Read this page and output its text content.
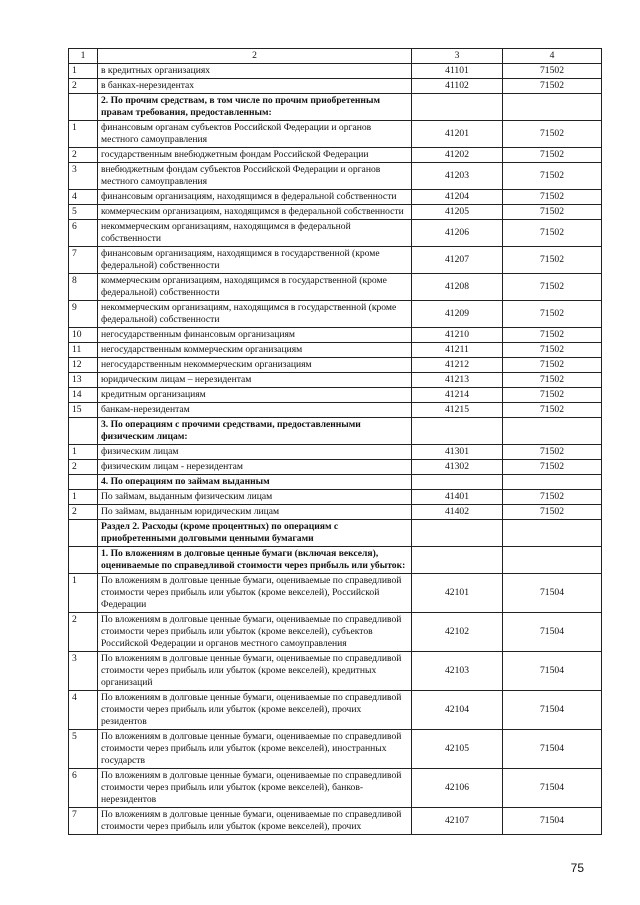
1	2	3	4
1	в кредитных организациях	41101	71502
2	в банках-нерезидентах	41102	71502
	2. По прочим средствам, в том числе по прочим приобретенным правам требования, предоставленным:		
1	финансовым органам субъектов Российской Федерации и органов местного самоуправления	41201	71502
2	государственным внебюджетным фондам Российской Федерации	41202	71502
3	внебюджетным фондам субъектов Российской Федерации и органов местного самоуправления	41203	71502
4	финансовым организациям, находящимся в федеральной собственности	41204	71502
5	коммерческим организациям, находящимся в федеральной собственности	41205	71502
6	некоммерческим организациям, находящимся в федеральной собственности	41206	71502
7	финансовым организациям, находящимся в государственной (кроме федеральной) собственности	41207	71502
8	коммерческим организациям, находящимся в государственной (кроме федеральной) собственности	41208	71502
9	некоммерческим организациям, находящимся в государственной (кроме федеральной) собственности	41209	71502
10	негосударственным финансовым организациям	41210	71502
11	негосударственным коммерческим организациям	41211	71502
12	негосударственным некоммерческим организациям	41212	71502
13	юридическим лицам – нерезидентам	41213	71502
14	кредитным организациям	41214	71502
15	банкам-нерезидентам	41215	71502
	3. По операциям с прочими средствами, предоставленными физическим лицам:		
1	физическим лицам	41301	71502
2	физическим лицам - нерезидентам	41302	71502
	4. По операциям по займам выданным		
1	По займам, выданным физическим лицам	41401	71502
2	По займам, выданным юридическим лицам	41402	71502
	Раздел 2. Расходы (кроме процентных) по операциям с приобретенными долговыми ценными бумагами		
	1. По вложениям в долговые ценные бумаги (включая векселя), оцениваемые по справедливой стоимости через прибыль или убыток:		
1	По вложениям в долговые ценные бумаги, оцениваемые по справедливой стоимости через прибыль или убыток (кроме векселей), Российской Федерации	42101	71504
2	По вложениям в долговые ценные бумаги, оцениваемые по справедливой стоимости через прибыль или убыток (кроме векселей), субъектов Российской Федерации и органов местного самоуправления	42102	71504
3	По вложениям в долговые ценные бумаги, оцениваемые по справедливой стоимости через прибыль или убыток (кроме векселей), кредитных организаций	42103	71504
4	По вложениям в долговые ценные бумаги, оцениваемые по справедливой стоимости через прибыль или убыток (кроме векселей), прочих резидентов	42104	71504
5	По вложениям в долговые ценные бумаги, оцениваемые по справедливой стоимости через прибыль или убыток (кроме векселей), иностранных государств	42105	71504
6	По вложениям в долговые ценные бумаги, оцениваемые по справедливой стоимости через прибыль или убыток (кроме векселей), банков-нерезидентов	42106	71504
7	По вложениям в долговые ценные бумаги, оцениваемые по справедливой стоимости через прибыль или убыток (кроме векселей), прочих	42107	71504
75
